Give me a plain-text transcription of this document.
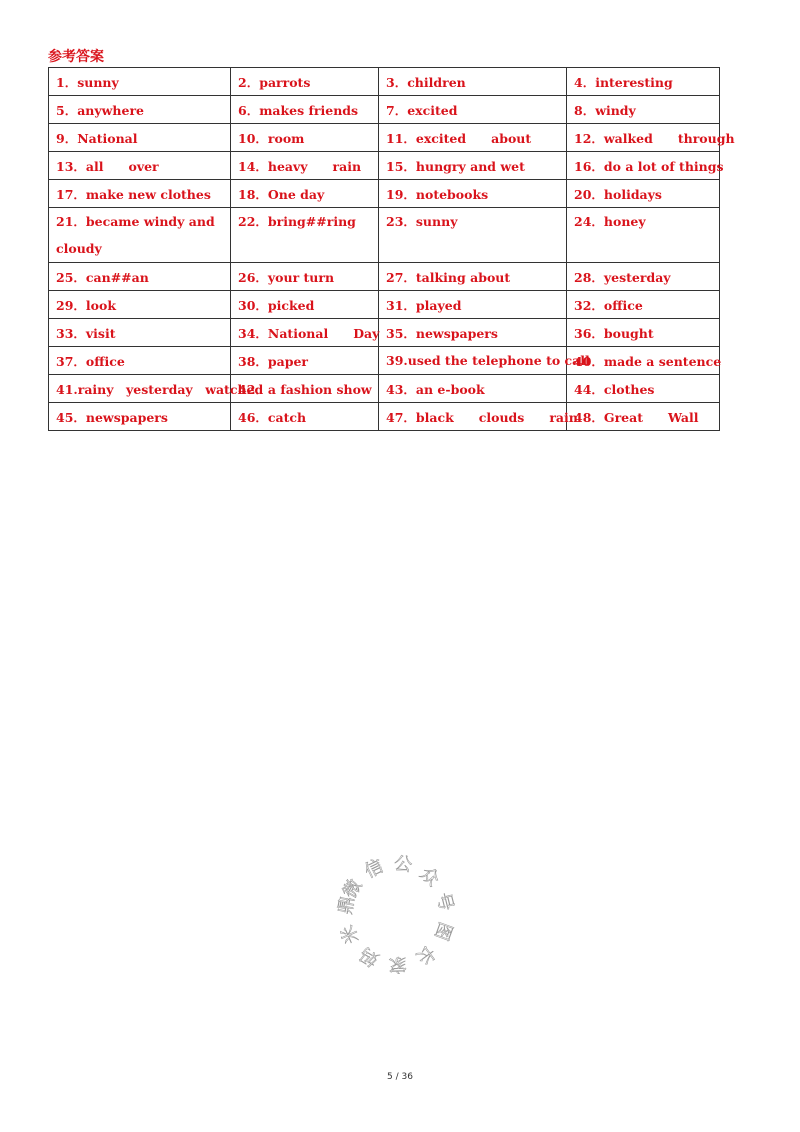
参考答案
1．sunny	2．parrots	3．children	4．interesting
5．anywhere	6．makes friends	7．excited	8．windy
9．National	10．room	11．excited　　about	12．walked　　through
13．all　　over	14．heavy　　rain	15．hungry and wet	16．do a lot of things
17．make new clothes	18．One day	19．notebooks	20．holidays
21．became windy and cloudy	22．bring##ring	23．sunny	24．honey
25．can##an	26．your turn	27．talking about	28．yesterday
29．look	30．picked	31．played	32．office
33．visit	34．National　　Day	35．newspapers	36．bought
37．office	38．paper	39.used the telephone to call	40．made a sentence
41.rainy　yesterday　watched	42．a fashion show	43．an e-book	44．clothes
45．newspapers	46．catch	47．black　　clouds　　rain	48．Great　　Wall
微
信 公 众
号
图
长
家
妈
米
鼎
5 / 36
